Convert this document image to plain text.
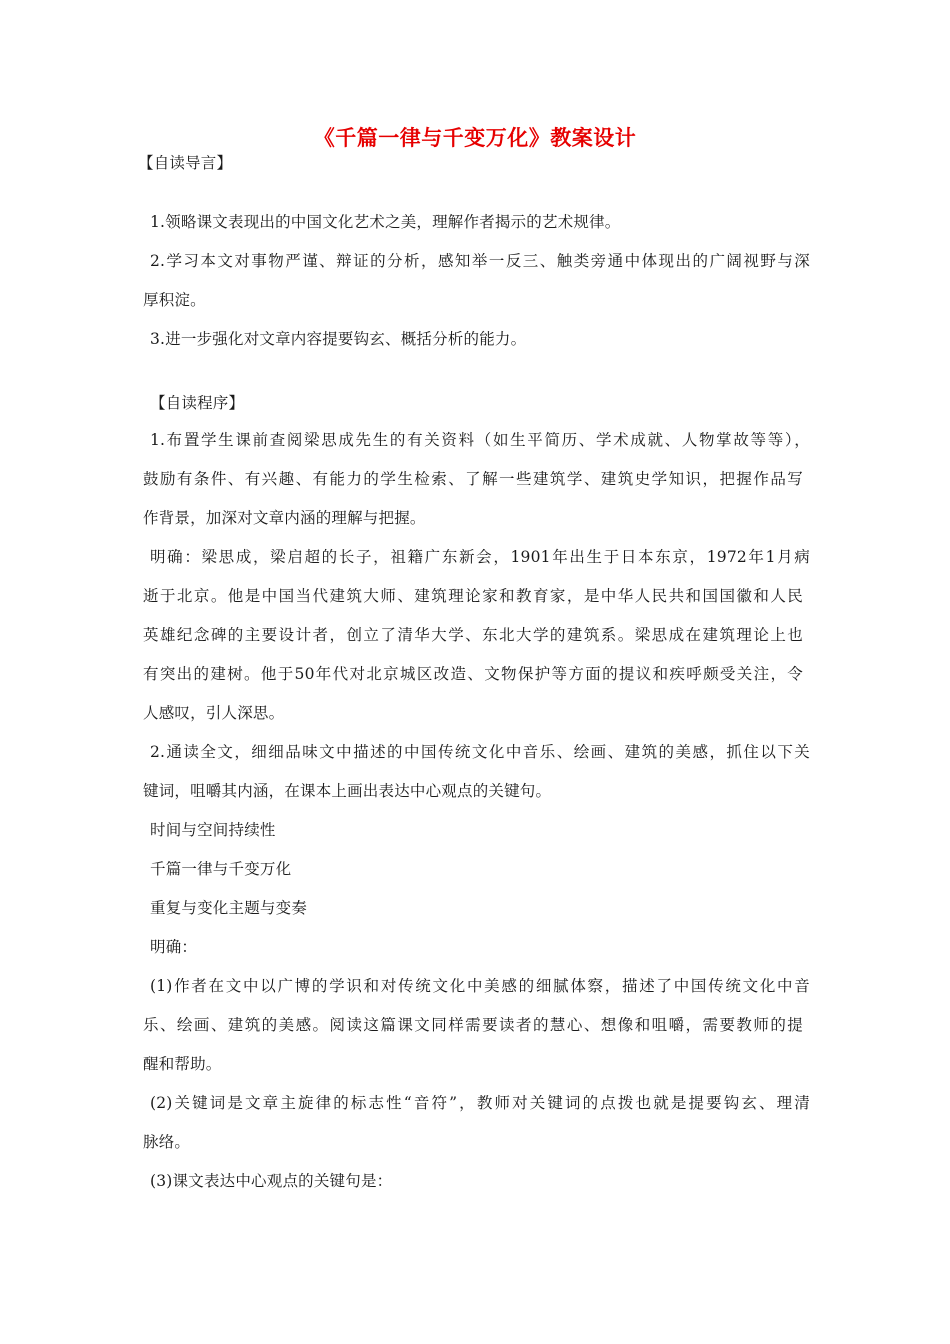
《千篇一律与千变万化》教案设计
【自读导言】
1.领略课文表现出的中国文化艺术之美，理解作者揭示的艺术规律。
2.学习本文对事物严谨、辩证的分析，感知举一反三、触类旁通中体现出的广阔视野与深
厚积淀。
3.进一步强化对文章内容提要钩玄、概括分析的能力。
【自读程序】
1.布置学生课前查阅梁思成先生的有关资料（如生平简历、学术成就、人物掌故等等），
鼓励有条件、有兴趣、有能力的学生检索、了解一些建筑学、建筑史学知识，把握作品写
作背景，加深对文章内涵的理解与把握。
明确：梁思成，梁启超的长子，祖籍广东新会，1901年出生于日本东京，1972年1月病
逝于北京。他是中国当代建筑大师、建筑理论家和教育家，是中华人民共和国国徽和人民
英雄纪念碑的主要设计者，创立了清华大学、东北大学的建筑系。梁思成在建筑理论上也
有突出的建树。他于50年代对北京城区改造、文物保护等方面的提议和疾呼颇受关注，令
人感叹，引人深思。
2.通读全文，细细品味文中描述的中国传统文化中音乐、绘画、建筑的美感，抓住以下关
键词，咀嚼其内涵，在课本上画出表达中心观点的关键句。
时间与空间持续性
千篇一律与千变万化
重复与变化主题与变奏
明确：
(1)作者在文中以广博的学识和对传统文化中美感的细腻体察，描述了中国传统文化中音
乐、绘画、建筑的美感。阅读这篇课文同样需要读者的慧心、想像和咀嚼，需要教师的提
醒和帮助。
(2)关键词是文章主旋律的标志性“音符”，教师对关键词的点拨也就是提要钩玄、理清
脉络。
(3)课文表达中心观点的关键句是：
